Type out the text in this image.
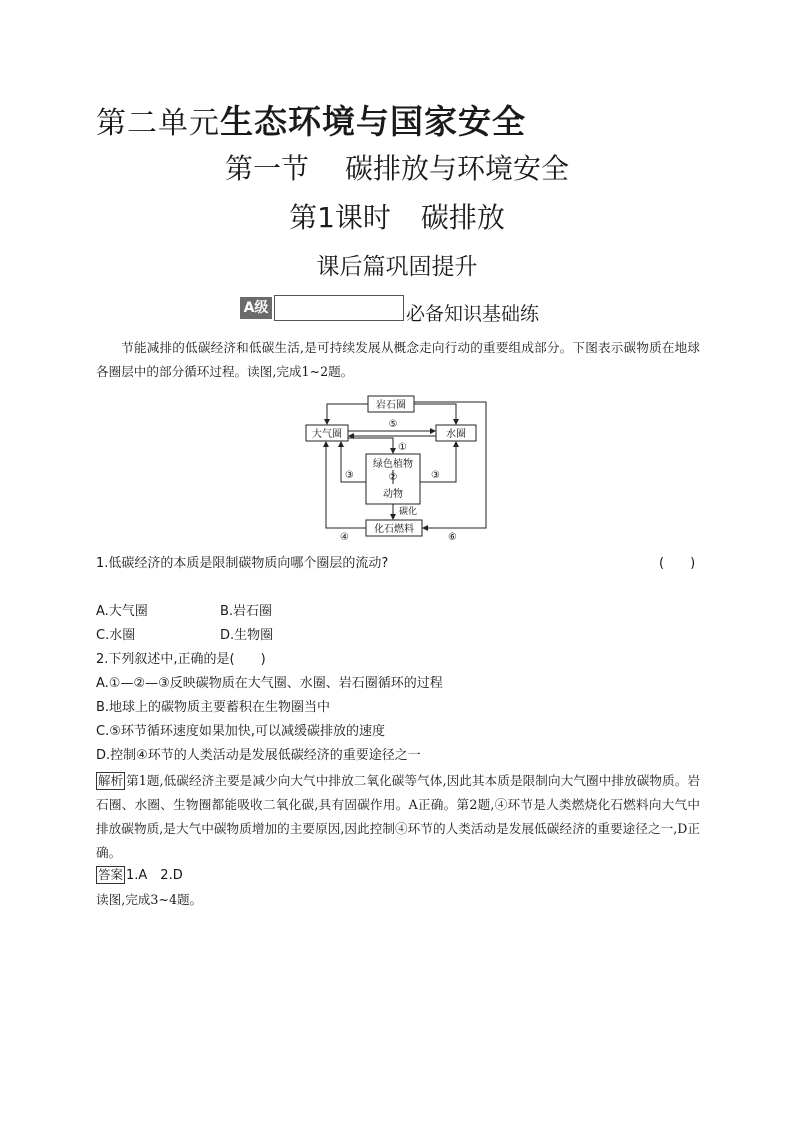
第二单元生态环境与国家安全
第一节 碳排放与环境安全
第1课时 碳排放
课后篇巩固提升
A级	必备知识基础练

节能减排的低碳经济和低碳生活,是可持续发展从概念走向行动的重要组成部分。下图表示碳物质在地球各圈层中的部分循环过程。读图,完成1~2题。

岩石圈
大气圈	水圈
绿色植物
②
动物
化石燃料
碳化
⑤
①
③	③
④	⑥

1.低碳经济的本质是限制碳物质向哪个圈层的流动?	(　　)

A.大气圈	B.岩石圈

C.水圈	D.生物圈

2.下列叙述中,正确的是(　　)

A.①—②—③反映碳物质在大气圈、水圈、岩石圈循环的过程

B.地球上的碳物质主要蓄积在生物圈当中

C.⑤环节循环速度如果加快,可以减缓碳排放的速度

D.控制④环节的人类活动是发展低碳经济的重要途径之一

解析 第1题,低碳经济主要是减少向大气中排放二氧化碳等气体,因此其本质是限制向大气圈中排放碳物质。岩石圈、水圈、生物圈都能吸收二氧化碳,具有固碳作用。A正确。第2题,④环节是人类燃烧化石燃料向大气中排放碳物质,是大气中碳物质增加的主要原因,因此控制④环节的人类活动是发展低碳经济的重要途径之一,D正确。

答案 1.A　2.D

读图,完成3~4题。
